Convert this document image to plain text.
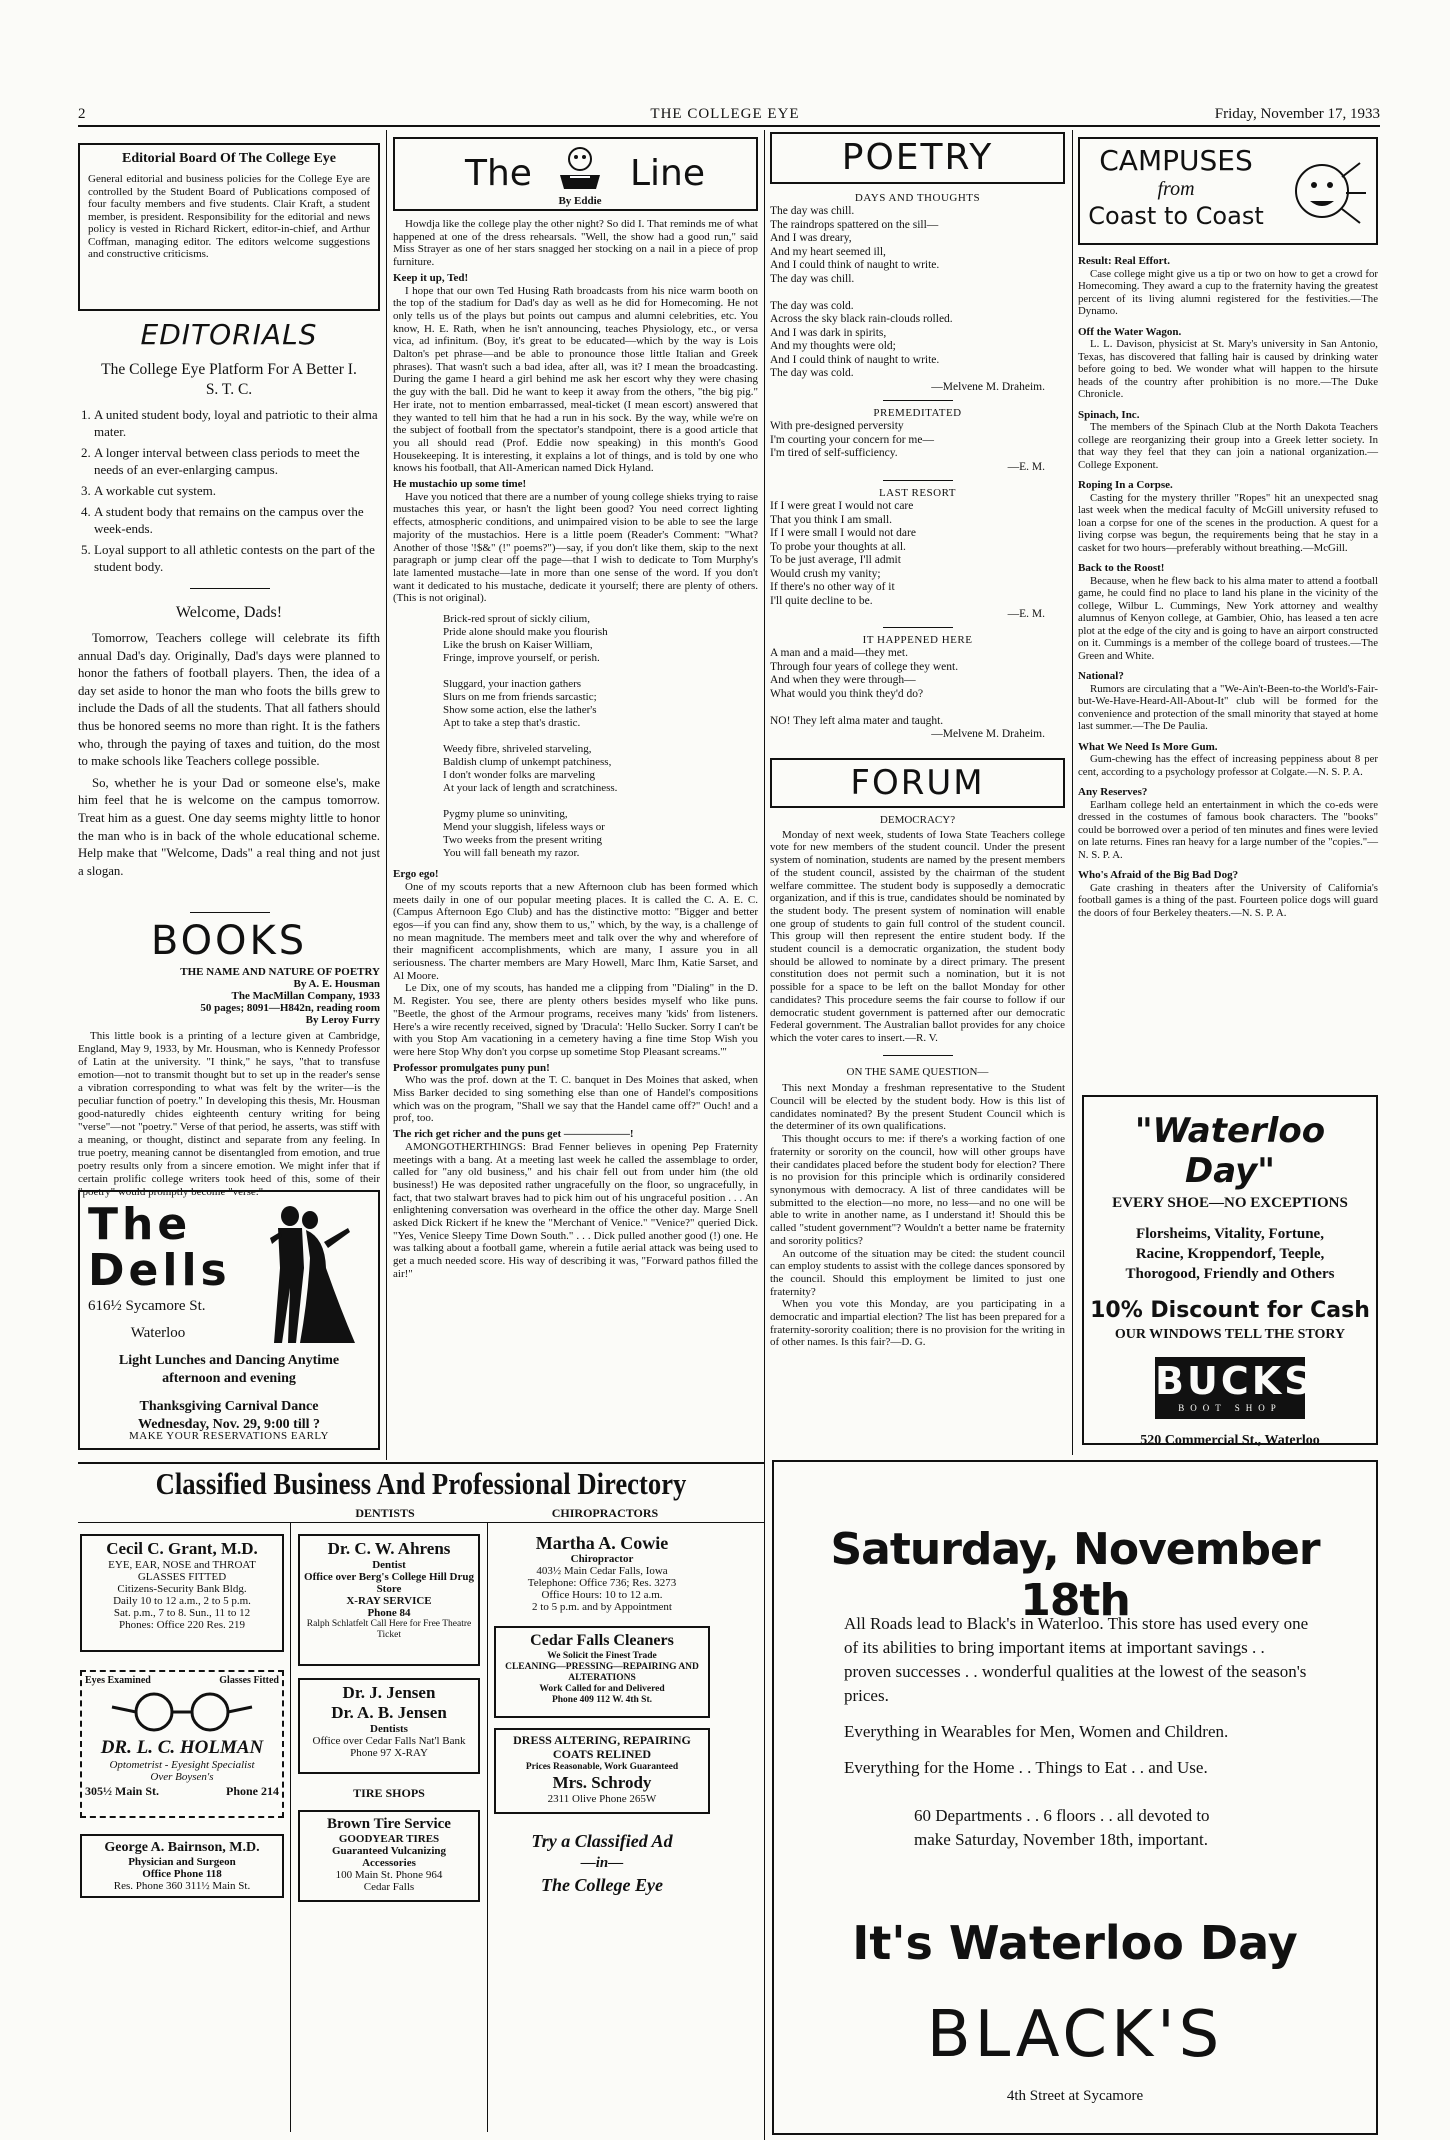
2	THE COLLEGE EYE	Friday, November 17, 1933
Editorial Board Of The College Eye
General editorial and business policies for the College Eye are controlled by the Student Board of Publications composed of four faculty members and five students. Clair Kraft, a student member, is president. Responsibility for the editorial and news policy is vested in Richard Rickert, editor-in-chief, and Arthur Coffman, managing editor. The editors welcome suggestions and constructive criticisms.
EDITORIALS
The College Eye Platform For A Better I. S. T. C.
1. A united student body, loyal and patriotic to their alma mater.
2. A longer interval between class periods to meet the needs of an ever-enlarging campus.
3. A workable cut system.
4. A student body that remains on the campus over the week-ends.
5. Loyal support to all athletic contests on the part of the student body.
Welcome, Dads!

Tomorrow, Teachers college will celebrate its fifth annual Dad's day. Originally, Dad's days were planned to honor the fathers of football players. Then, the idea of a day set aside to honor the man who foots the bills grew to include the Dads of all the students. That all fathers should thus be honored seems no more than right. It is the fathers who, through the paying of taxes and tuition, do the most to make schools like Teachers college possible.

So, whether he is your Dad or someone else's, make him feel that he is welcome on the campus tomorrow. Treat him as a guest. One day seems mighty little to honor the man who is in back of the whole educational scheme. Help make that "Welcome, Dads" a real thing and not just a slogan.

BOOKS
THE NAME AND NATURE OF POETRY
By A. E. Housman
The MacMillan Company, 1933
50 pages; 8091—H842n, reading room
By Leroy Furry
This little book is a printing of a lecture given at Cambridge, England, May 9, 1933, by Mr. Housman, who is Kennedy Professor of Latin at the university. "I think," he says, "that to transfuse emotion—not to transmit thought but to set up in the reader's sense a vibration corresponding to what was felt by the writer—is the peculiar function of poetry." In developing this thesis, Mr. Housman good-naturedly chides eighteenth century writing for being "verse"—not "poetry." Verse of that period, he asserts, was stiff with a meaning, or thought, distinct and separate from any feeling. In true poetry, meaning cannot be disentangled from emotion, and true poetry results only from a sincere emotion. We might infer that if certain prolific college writers took heed of this, some of their "poetry" would promptly become "verse."
The
Dells
616½ Sycamore St.
Waterloo
Light Lunches and Dancing Anytime
afternoon and evening
Thanksgiving Carnival Dance
Wednesday, Nov. 29, 9:00 till ?
MAKE YOUR RESERVATIONS EARLY
The	Line
By Eddie

Howdja like the college play the other night? So did I. That reminds me of what happened at one of the dress rehearsals. "Well, the show had a good run," said Miss Strayer as one of her stars snagged her stocking on a nail in a piece of prop furniture.

Keep it up, Ted!

I hope that our own Ted Husing Rath broadcasts from his nice warm booth on the top of the stadium for Dad's day as well as he did for Homecoming. He not only tells us of the plays but points out campus and alumni celebrities, etc. You know, H. E. Rath, when he isn't announcing, teaches Physiology, etc., or versa vica, ad infinitum. (Boy, it's great to be educated—which by the way is Lois Dalton's pet phrase—and be able to pronounce those little Italian and Greek phrases). That wasn't such a bad idea, after all, was it? I mean the broadcasting. During the game I heard a girl behind me ask her escort why they were chasing the guy with the ball. Did he want to keep it away from the others, "the big pig." Her irate, not to mention embarrassed, meal-ticket (I mean escort) answered that they wanted to tell him that he had a run in his sock. By the way, while we're on the subject of football from the spectator's standpoint, there is a good article that you all should read (Prof. Eddie now speaking) in this month's Good Housekeeping. It is interesting, it explains a lot of things, and is told by one who knows his football, that All-American named Dick Hyland.

He mustachio up some time!

Have you noticed that there are a number of young college shieks trying to raise mustaches this year, or hasn't the light been good? You need correct lighting effects, atmospheric conditions, and unimpaired vision to be able to see the large majority of the mustachios. Here is a little poem (Reader's Comment: "What? Another of those '!$&" (!" poems?")—say, if you don't like them, skip to the next paragraph or jump clear off the page—that I wish to dedicate to Tom Murphy's late lamented mustache—late in more than one sense of the word. If you don't want it dedicated to his mustache, dedicate it yourself; there are plenty of others. (This is not original).

Brick-red sprout of sickly cilium,
Pride alone should make you flourish
Like the brush on Kaiser William,
Fringe, improve yourself, or perish.

Sluggard, your inaction gathers
Slurs on me from friends sarcastic;
Show some action, else the lather's
Apt to take a step that's drastic.

Weedy fibre, shriveled starveling,
Baldish clump of unkempt patchiness,
I don't wonder folks are marveling
At your lack of length and scratchiness.

Pygmy plume so uninviting,
Mend your sluggish, lifeless ways or
Two weeks from the present writing
You will fall beneath my razor.
Ergo ego!

One of my scouts reports that a new Afternoon club has been formed which meets daily in one of our popular meeting places. It is called the C. A. E. C. (Campus Afternoon Ego Club) and has the distinctive motto: "Bigger and better egos—if you can find any, show them to us," which, by the way, is a challenge of no mean magnitude. The members meet and talk over the why and wherefore of their magnificent accomplishments, which are many, I assure you in all seriousness. The charter members are Mary Howell, Marc Ihm, Katie Sarset, and Al Moore.

Le Dix, one of my scouts, has handed me a clipping from "Dialing" in the D. M. Register. You see, there are plenty others besides myself who like puns. "Beetle, the ghost of the Armour programs, receives many 'kids' from listeners. Here's a wire recently received, signed by 'Dracula': 'Hello Sucker. Sorry I can't be with you Stop Am vacationing in a cemetery having a fine time Stop Wish you were here Stop Why don't you corpse up sometime Stop Pleasant screams.'"

Professor promulgates puny pun!

Who was the prof. down at the T. C. banquet in Des Moines that asked, when Miss Barker decided to sing something else than one of Handel's compositions which was on the program, "Shall we say that the Handel came off?" Ouch! and a prof, too.

The rich get richer and the puns get ——————!

AMONGOTHERTHINGS: Brad Fenner believes in opening Pep Fraternity meetings with a bang. At a meeting last week he called the assemblage to order, called for "any old business," and his chair fell out from under him (the old business!) He was deposited rather ungracefully on the floor, so ungracefully, in fact, that two stalwart braves had to pick him out of his ungraceful position . . . An enlightening conversation was overheard in the office the other day. Marge Snell asked Dick Rickert if he knew the "Merchant of Venice." "Venice?" queried Dick. "Yes, Venice Sleepy Time Down South." . . . Dick pulled another good (!) one. He was talking about a football game, wherein a futile aerial attack was being used to get a much needed score. His way of describing it was, "Forward pathos filled the air!"

POETRY
DAYS AND THOUGHTS
The day was chill.
The raindrops spattered on the sill—
And I was dreary,
And my heart seemed ill,
And I could think of naught to write.
The day was chill.

The day was cold.
Across the sky black rain-clouds rolled.
And I was dark in spirits,
And my thoughts were old;
And I could think of naught to write.
The day was cold.
—Melvene M. Draheim.
PREMEDITATED
With pre-designed perversity
I'm courting your concern for me—
I'm tired of self-sufficiency.
—E. M.
LAST RESORT
If I were great I would not care
That you think I am small.
If I were small I would not dare
To probe your thoughts at all.
To be just average, I'll admit
Would crush my vanity;
If there's no other way of it
I'll quite decline to be.
—E. M.
IT HAPPENED HERE
A man and a maid—they met.
Through four years of college they went.
And when they were through—
What would you think they'd do?

NO! They left alma mater and taught.
—Melvene M. Draheim.
FORUM
DEMOCRACY?

Monday of next week, students of Iowa State Teachers college vote for new members of the student council. Under the present system of nomination, students are named by the present members of the student council, assisted by the chairman of the student welfare committee. The student body is supposedly a democratic organization, and if this is true, candidates should be nominated by the student body. The present system of nomination will enable one group of students to gain full control of the student council. This group will then represent the entire student body. If the student council is a democratic organization, the student body should be allowed to nominate by a direct primary. The present constitution does not permit such a nomination, but it is not possible for a space to be left on the ballot Monday for other candidates? This procedure seems the fair course to follow if our democratic student government is patterned after our democratic Federal government. The Australian ballot provides for any choice which the voter cares to insert.—R. V.

ON THE SAME QUESTION—

This next Monday a freshman representative to the Student Council will be elected by the student body. How is this list of candidates nominated? By the present Student Council which is the determiner of its own qualifications.

This thought occurs to me: if there's a working faction of one fraternity or sorority on the council, how will other groups have their candidates placed before the student body for election? There is no provision for this principle which is ordinarily considered synonymous with democracy. A list of three candidates will be submitted to the election—no more, no less—and no one will be able to write in another name, as I understand it! Should this be called "student government"? Wouldn't a better name be fraternity and sorority politics?

An outcome of the situation may be cited: the student council can employ students to assist with the college dances sponsored by the council. Should this employment be limited to just one fraternity?

When you vote this Monday, are you participating in a democratic and impartial election? The list has been prepared for a fraternity-sorority coalition; there is no provision for the writing in of other names. Is this fair?—D. G.

CAMPUSES
from
Coast to Coast
Result: Real Effort.

Case college might give us a tip or two on how to get a crowd for Homecoming. They award a cup to the fraternity having the greatest percent of its living alumni registered for the festivities.—The Dynamo.

Off the Water Wagon.

L. L. Davison, physicist at St. Mary's university in San Antonio, Texas, has discovered that falling hair is caused by drinking water before going to bed. We wonder what will happen to the hirsute heads of the country after prohibition is no more.—The Duke Chronicle.

Spinach, Inc.

The members of the Spinach Club at the North Dakota Teachers college are reorganizing their group into a Greek letter society. In that way they feel that they can join a national organization.—College Exponent.

Roping In a Corpse.

Casting for the mystery thriller "Ropes" hit an unexpected snag last week when the medical faculty of McGill university refused to loan a corpse for one of the scenes in the production. A quest for a living corpse was begun, the requirements being that he stay in a casket for two hours—preferably without breathing.—McGill.

Back to the Roost!

Because, when he flew back to his alma mater to attend a football game, he could find no place to land his plane in the vicinity of the college, Wilbur L. Cummings, New York attorney and wealthy alumnus of Kenyon college, at Gambier, Ohio, has leased a ten acre plot at the edge of the city and is going to have an airport constructed on it. Cummings is a member of the college board of trustees.—The Green and White.

National?

Rumors are circulating that a "We-Ain't-Been-to-the World's-Fair-but-We-Have-Heard-All-About-It" club will be formed for the convenience and protection of the small minority that stayed at home last summer.—The De Paulia.

What We Need Is More Gum.

Gum-chewing has the effect of increasing peppiness about 8 per cent, according to a psychology professor at Colgate.—N. S. P. A.

Any Reserves?

Earlham college held an entertainment in which the co-eds were dressed in the costumes of famous book characters. The "books" could be borrowed over a period of ten minutes and fines were levied on late returns. Fines ran heavy for a large number of the "copies."—N. S. P. A.

Who's Afraid of the Big Bad Dog?

Gate crashing in theaters after the University of California's football games is a thing of the past. Fourteen police dogs will guard the doors of four Berkeley theaters.—N. S. P. A.

"Waterloo Day"
EVERY SHOE—NO EXCEPTIONS
Florsheims, Vitality, Fortune,
Racine, Kroppendorf, Teeple,
Thorogood, Friendly and Others
10% Discount for Cash
OUR WINDOWS TELL THE STORY
BUCKS
BOOT SHOP
520 Commercial St., Waterloo
Saturday, November 18th

All Roads lead to Black's in Waterloo. This store has used every one of its abilities to bring important items at important savings . . proven successes . . wonderful qualities at the lowest of the season's prices.

Everything in Wearables for Men, Women and Children.

Everything for the Home . . Things to Eat . . and Use.

60 Departments . . 6 floors . . all devoted to make Saturday, November 18th, important.

It's Waterloo Day
BLACK'S
4th Street at Sycamore
Classified Business And Professional Directory
DENTISTS	CHIROPRACTORS
Cecil C. Grant, M.D.
EYE, EAR, NOSE and THROAT
GLASSES FITTED
Citizens-Security Bank Bldg.
Daily 10 to 12 a.m., 2 to 5 p.m.
Sat. p.m., 7 to 8. Sun., 11 to 12
Phones: Office 220 Res. 219
Eyes Examined	Glasses Fitted
DR. L. C. HOLMAN
Optometrist - Eyesight Specialist
Over Boysen's
305½ Main St.	Phone 214
George A. Bairnson, M.D.
Physician and Surgeon
Office Phone 118
Res. Phone 360 311½ Main St.
Dr. C. W. Ahrens
Dentist
Office over Berg's College Hill Drug Store
X-RAY SERVICE
Phone 84
Ralph Schlatfelt Call Here for Free Theatre Ticket
Dr. J. Jensen
Dr. A. B. Jensen
Dentists
Office over Cedar Falls Nat'l Bank
Phone 97 X-RAY
TIRE SHOPS
Brown Tire Service
GOODYEAR TIRES
Guaranteed Vulcanizing
Accessories
100 Main St. Phone 964
Cedar Falls
Martha A. Cowie
Chiropractor
403½ Main Cedar Falls, Iowa
Telephone: Office 736; Res. 3273
Office Hours: 10 to 12 a.m.
2 to 5 p.m. and by Appointment
Cedar Falls Cleaners
We Solicit the Finest Trade
CLEANING—PRESSING—REPAIRING AND ALTERATIONS
Work Called for and Delivered
Phone 409 112 W. 4th St.
DRESS ALTERING, REPAIRING
COATS RELINED
Prices Reasonable, Work Guaranteed
Mrs. Schrody
2311 Olive Phone 265W
Try a Classified Ad
—in—
The College Eye
